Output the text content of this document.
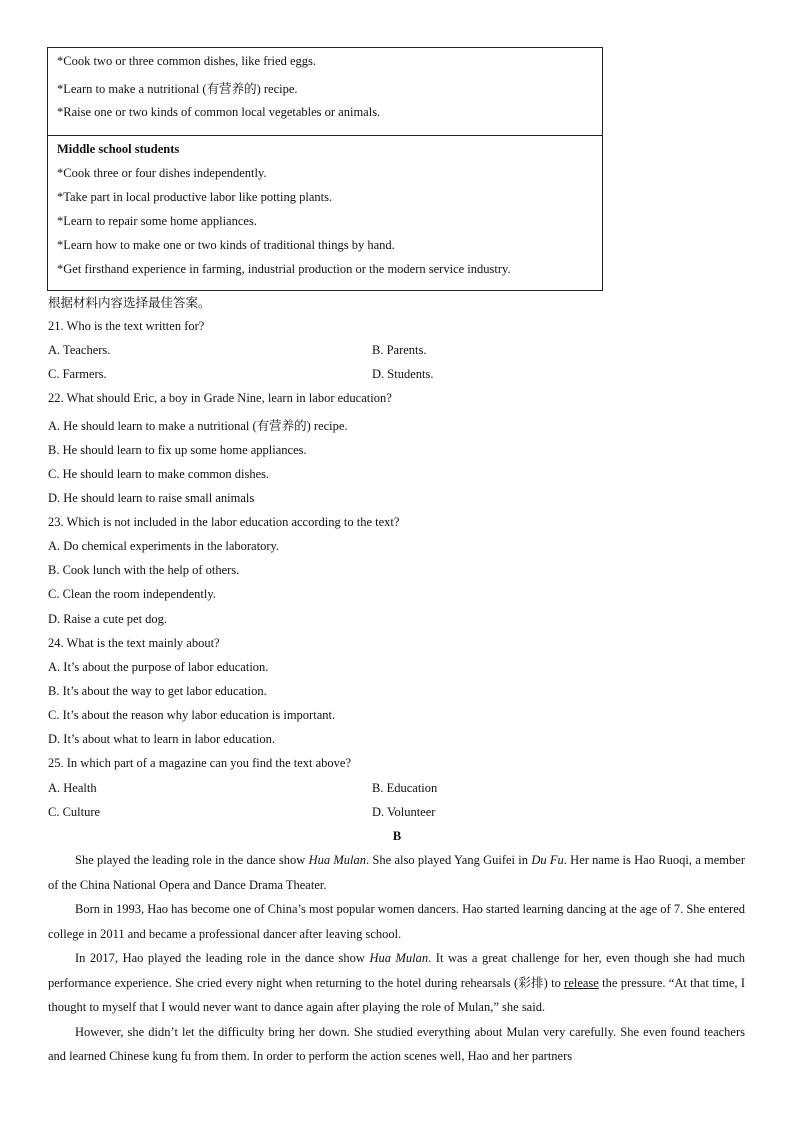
*Cook two or three common dishes, like fried eggs.
*Learn to make a nutritional (有营养的) recipe.
*Raise one or two kinds of common local vegetables or animals.
Middle school students
*Cook three or four dishes independently.
*Take part in local productive labor like potting plants.
*Learn to repair some home appliances.
*Learn how to make one or two kinds of traditional things by hand.
*Get firsthand experience in farming, industrial production or the modern service industry.
根据材料内容选择最佳答案。
21. Who is the text written for?
A. Teachers.	B. Parents.
C. Farmers.	D. Students.
22. What should Eric, a boy in Grade Nine, learn in labor education?
A. He should learn to make a nutritional (有营养的) recipe.
B. He should learn to fix up some home appliances.
C. He should learn to make common dishes.
D. He should learn to raise small animals
23. Which is not included in the labor education according to the text?
A. Do chemical experiments in the laboratory.
B. Cook lunch with the help of others.
C. Clean the room independently.
D. Raise a cute pet dog.
24. What is the text mainly about?
A. It’s about the purpose of labor education.
B. It’s about the way to get labor education.
C. It’s about the reason why labor education is important.
D. It’s about what to learn in labor education.
25. In which part of a magazine can you find the text above?
A. Health	B. Education
C. Culture	D. Volunteer
B

She played the leading role in the dance show Hua Mulan. She also played Yang Guifei in Du Fu. Her name is Hao Ruoqi, a member of the China National Opera and Dance Drama Theater.

Born in 1993, Hao has become one of China’s most popular women dancers. Hao started learning dancing at the age of 7. She entered college in 2011 and became a professional dancer after leaving school.

In 2017, Hao played the leading role in the dance show Hua Mulan. It was a great challenge for her, even though she had much performance experience. She cried every night when returning to the hotel during rehearsals (彩排) to release the pressure. “At that time, I thought to myself that I would never want to dance again after playing the role of Mulan,” she said.

However, she didn’t let the difficulty bring her down. She studied everything about Mulan very carefully. She even found teachers and learned Chinese kung fu from them. In order to perform the action scenes well, Hao and her partners
